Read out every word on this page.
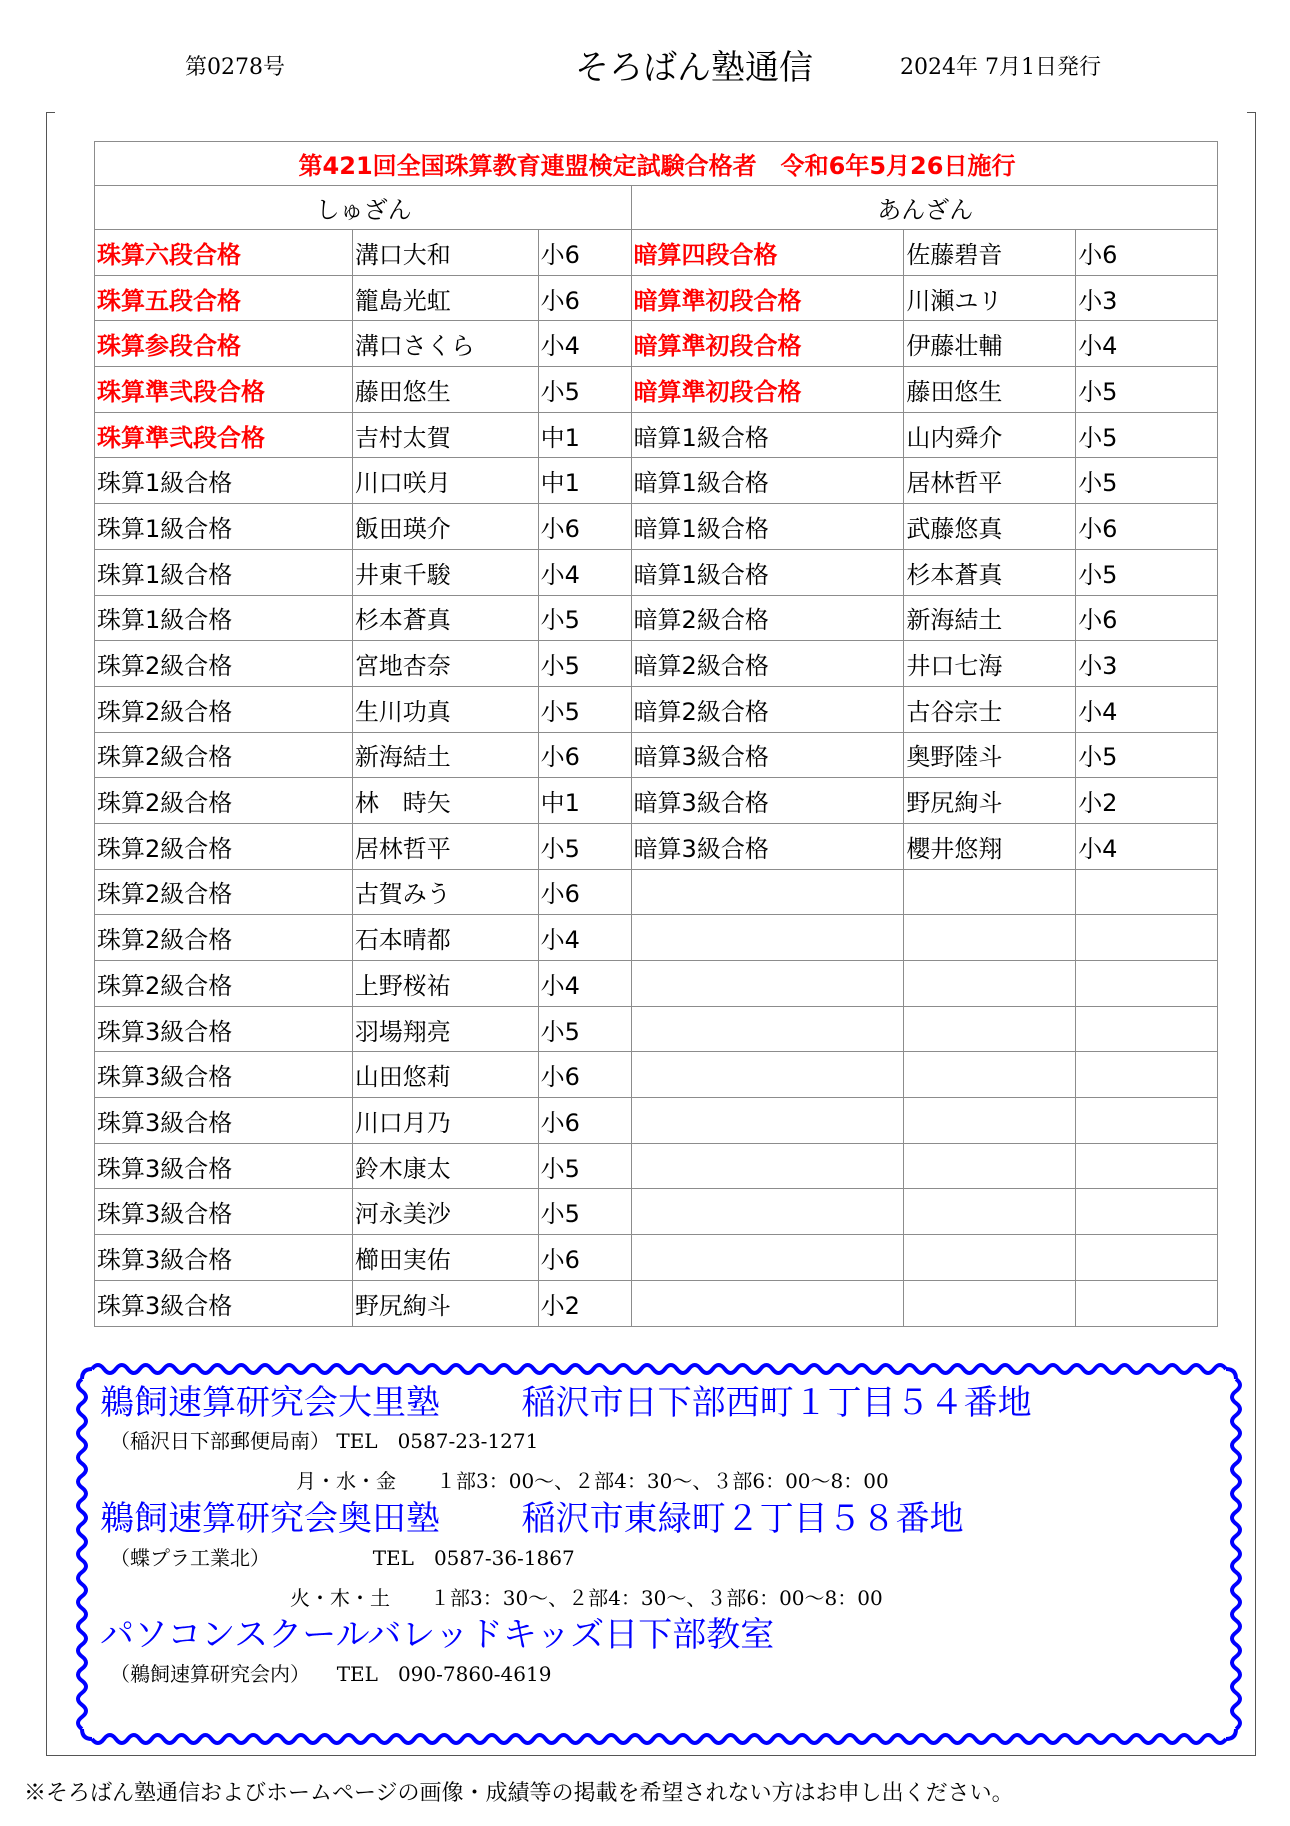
第0278号	そろばん塾通信	2024年 7月1日発行
第421回全国珠算教育連盟検定試験合格者　令和6年5月26日施行					
しゅざん			あんざん		
珠算六段合格	溝口大和	小6	暗算四段合格	佐藤碧音	小6
珠算五段合格	籠島光虹	小6	暗算準初段合格	川瀬ユリ	小3
珠算参段合格	溝口さくら	小4	暗算準初段合格	伊藤壮輔	小4
珠算準弐段合格	藤田悠生	小5	暗算準初段合格	藤田悠生	小5
珠算準弐段合格	吉村太賀	中1	暗算1級合格	山内舜介	小5
珠算1級合格	川口咲月	中1	暗算1級合格	居林哲平	小5
珠算1級合格	飯田瑛介	小6	暗算1級合格	武藤悠真	小6
珠算1級合格	井東千駿	小4	暗算1級合格	杉本蒼真	小5
珠算1級合格	杉本蒼真	小5	暗算2級合格	新海結土	小6
珠算2級合格	宮地杏奈	小5	暗算2級合格	井口七海	小3
珠算2級合格	生川功真	小5	暗算2級合格	古谷宗士	小4
珠算2級合格	新海結土	小6	暗算3級合格	奥野陸斗	小5
珠算2級合格	林　時矢	中1	暗算3級合格	野尻絢斗	小2
珠算2級合格	居林哲平	小5	暗算3級合格	櫻井悠翔	小4
珠算2級合格	古賀みう	小6			
珠算2級合格	石本晴都	小4			
珠算2級合格	上野桜祐	小4			
珠算3級合格	羽場翔亮	小5			
珠算3級合格	山田悠莉	小6			
珠算3級合格	川口月乃	小6			
珠算3級合格	鈴木康太	小5			
珠算3級合格	河永美沙	小5			
珠算3級合格	櫛田実佑	小6			
珠算3級合格	野尻絢斗	小2			
鵜飼速算研究会大里塾 稲沢市日下部西町１丁目５４番地
（稲沢日下部郵便局南） TEL　0587-23-1271
月・水・金　　１部3：00～、２部4：30～、３部6：00～8：00
鵜飼速算研究会奥田塾 稲沢市東緑町２丁目５８番地
（蝶プラ工業北）	TEL　0587-36-1867
火・木・土　　１部3：30～、２部4：30～、３部6：00～8：00
パソコンスクールバレッドキッズ日下部教室
（鵜飼速算研究会内） TEL　090-7860-4619
※そろばん塾通信およびホームページの画像・成績等の掲載を希望されない方はお申し出ください。
